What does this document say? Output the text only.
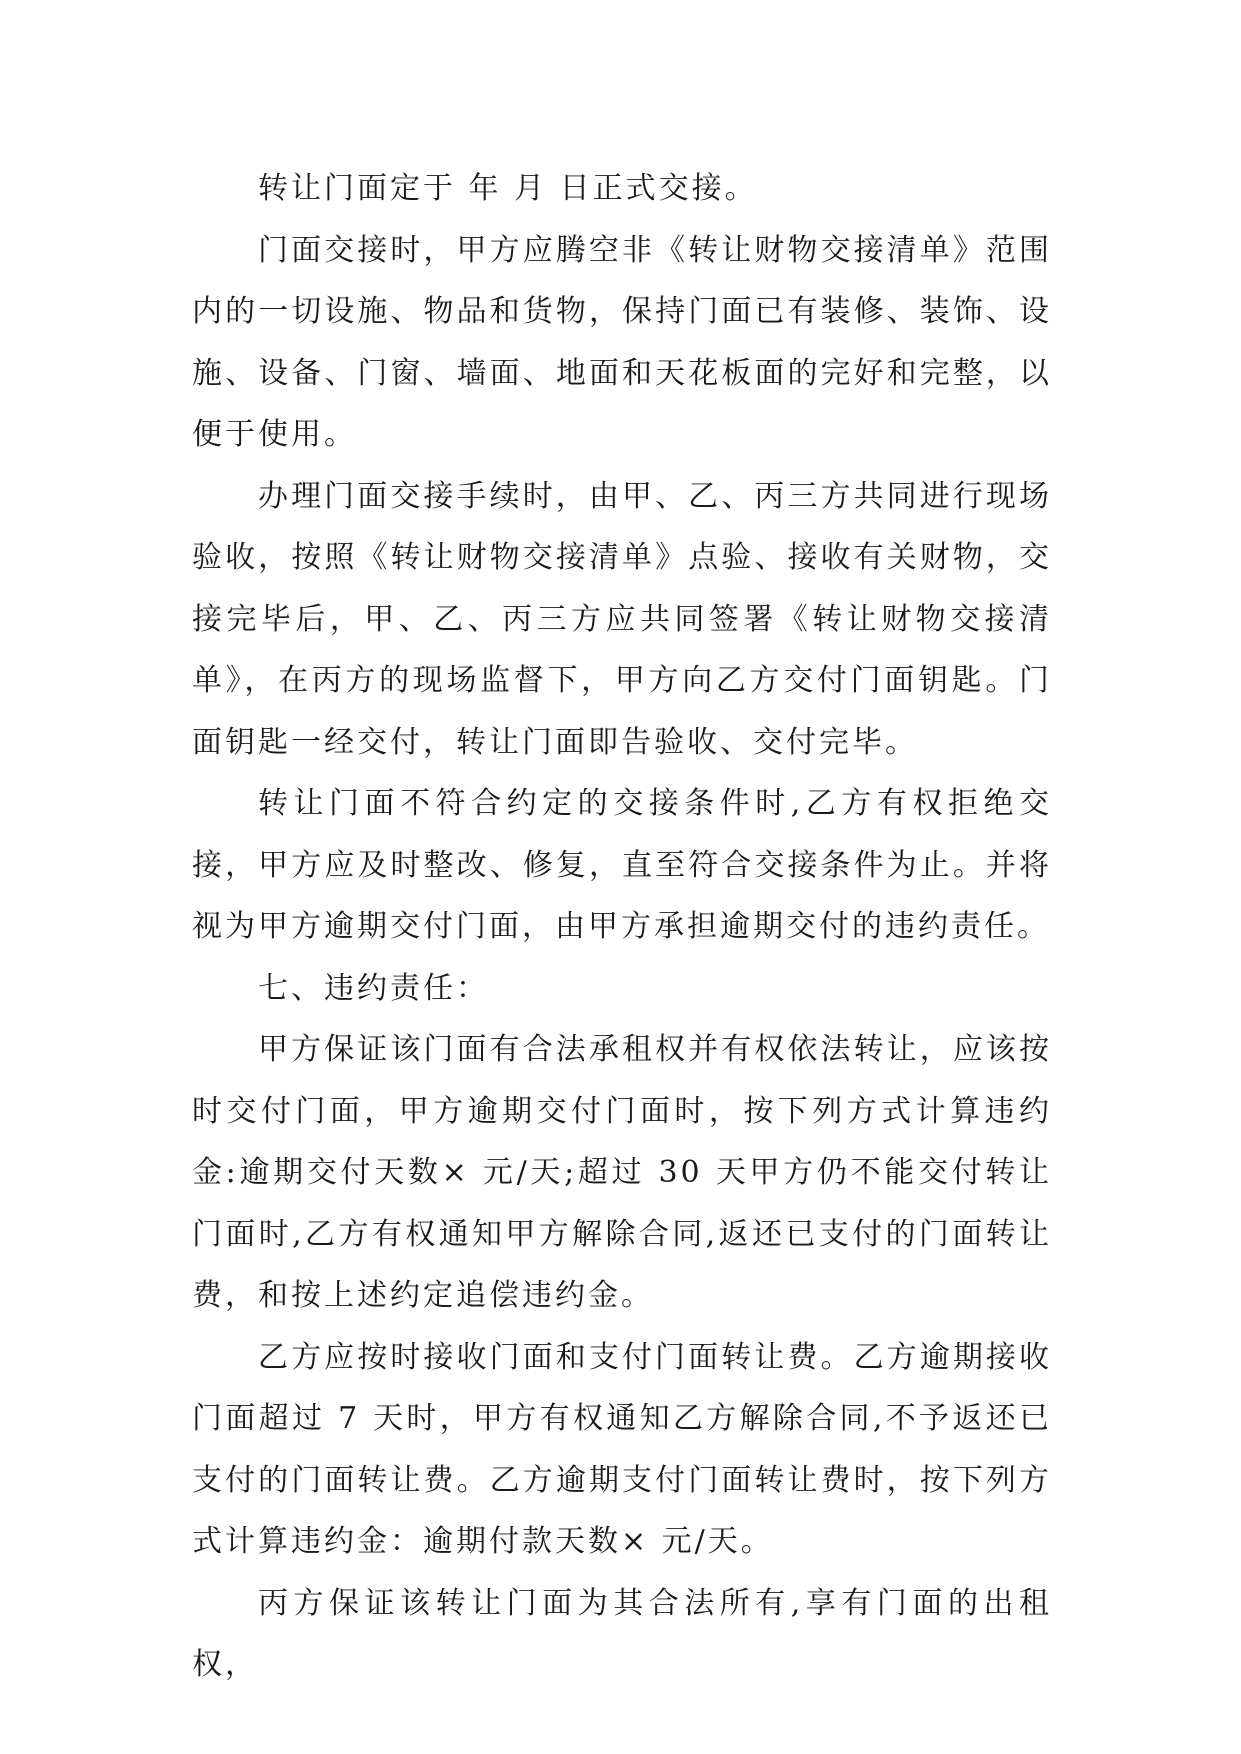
转让门面定于 年 月 日正式交接。

门面交接时，甲方应腾空非《转让财物交接清单》范围内的一切设施、物品和货物，保持门面已有装修、装饰、设施、设备、门窗、墙面、地面和天花板面的完好和完整，以便于使用。

办理门面交接手续时，由甲、乙、丙三方共同进行现场验收，按照《转让财物交接清单》点验、接收有关财物，交接完毕后，甲、乙、丙三方应共同签署《转让财物交接清单》，在丙方的现场监督下，甲方向乙方交付门面钥匙。门面钥匙一经交付，转让门面即告验收、交付完毕。

转让门面不符合约定的交接条件时,乙方有权拒绝交接，甲方应及时整改、修复，直至符合交接条件为止。并将视为甲方逾期交付门面，由甲方承担逾期交付的违约责任。

七、违约责任：

甲方保证该门面有合法承租权并有权依法转让，应该按时交付门面，甲方逾期交付门面时，按下列方式计算违约金:逾期交付天数× 元/天;超过 30 天甲方仍不能交付转让门面时,乙方有权通知甲方解除合同,返还已支付的门面转让费，和按上述约定追偿违约金。

乙方应按时接收门面和支付门面转让费。乙方逾期接收门面超过 7 天时，甲方有权通知乙方解除合同,不予返还已支付的门面转让费。乙方逾期支付门面转让费时，按下列方式计算违约金：逾期付款天数× 元/天。

丙方保证该转让门面为其合法所有,享有门面的出租权，
